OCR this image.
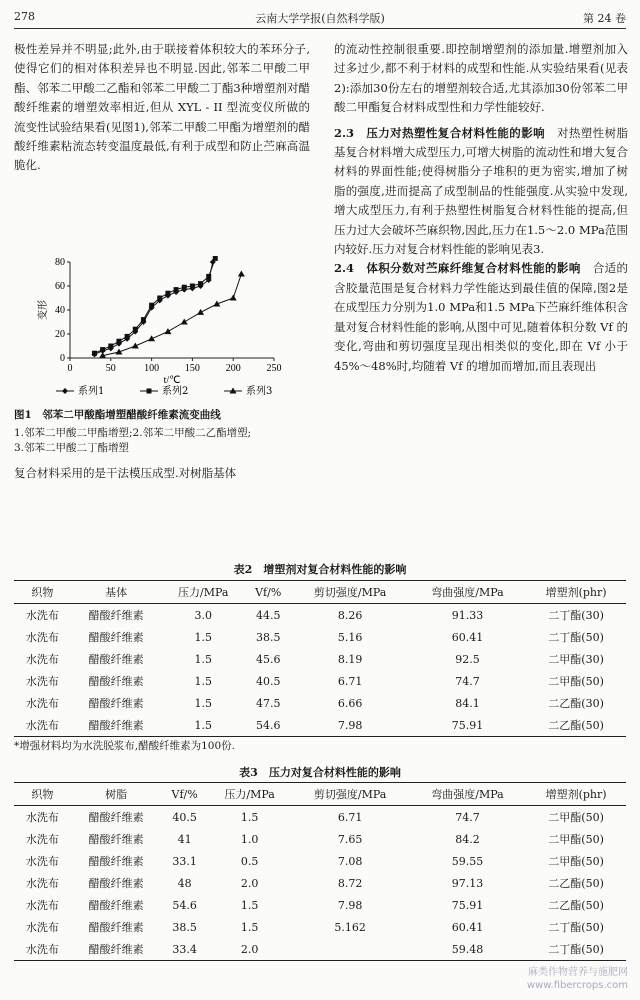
278	云南大学学报(自然科学版)	第 24 卷

极性差异并不明显;此外,由于联接着体积较大的苯环分子,使得它们的相对体积差异也不明显.因此,邻苯二甲酸二甲酯、邻苯二甲酸二乙酯和邻苯二甲酸二丁酯3种增塑剂对醋酸纤维素的增塑效率相近,但从 XYL - II 型流变仪所做的流变性试验结果看(见图1),邻苯二甲酸二甲酯为增塑剂的醋酸纤维素粘流态转变温度最低,有利于成型和防止苎麻高温脆化.

0	50	100	150	200	250
0
20
40
60
80
t/℃
变形
系列1	系列2	系列3
图1　邻苯二甲酸酯增塑醋酸纤维素流变曲线
1.邻苯二甲酸二甲酯增塑;2.邻苯二甲酸二乙酯增塑;
3.邻苯二甲酸二丁酯增塑
复合材料采用的是干法模压成型.对树脂基体

的流动性控制很重要.即控制增塑剂的添加量.增塑剂加入过多过少,都不利于材料的成型和性能.从实验结果看(见表2):添加30份左右的增塑剂较合适,尤其添加30份邻苯二甲酸二甲酯复合材料成型性和力学性能较好.

2.3　压力对热塑性复合材料性能的影响　 对热塑性树脂基复合材料增大成型压力,可增大树脂的流动性和增大复合材料的界面性能;使得树脂分子堆积的更为密实,增加了树脂的强度,进而提高了成型制品的性能强度.从实验中发现,增大成型压力,有利于热塑性树脂复合材料性能的提高,但压力过大会破坏苎麻织物,因此,压力在1.5～2.0 MPa范围内较好.压力对复合材料性能的影响见表3.

2.4　体积分数对苎麻纤维复合材料性能的影响　 合适的含胶量范围是复合材料力学性能达到最佳值的保障,图2是在成型压力分别为1.0 MPa和1.5 MPa下苎麻纤维体积含量对复合材料性能的影响,从图中可见,随着体积分数 Vf 的变化,弯曲和剪切强度呈现出相类似的变化,即在 Vf 小于45%～48%时,均随着 Vf 的增加而增加,而且表现出

表2　增塑剂对复合材料性能的影响
织物	基体	压力/MPa	Vf/%	剪切强度/MPa	弯曲强度/MPa	增塑剂(phr)
水洗布	醋酸纤维素	3.0	44.5	8.26	91.33	二丁酯(30)
水洗布	醋酸纤维素	1.5	38.5	5.16	60.41	二丁酯(50)
水洗布	醋酸纤维素	1.5	45.6	8.19	92.5	二甲酯(30)
水洗布	醋酸纤维素	1.5	40.5	6.71	74.7	二甲酯(50)
水洗布	醋酸纤维素	1.5	47.5	6.66	84.1	二乙酯(30)
水洗布	醋酸纤维素	1.5	54.6	7.98	75.91	二乙酯(50)
*增强材料均为水洗脱浆布,醋酸纤维素为100份.
表3　压力对复合材料性能的影响
织物	树脂	Vf/%	压力/MPa	剪切强度/MPa	弯曲强度/MPa	增塑剂(phr)
水洗布	醋酸纤维素	40.5	1.5	6.71	74.7	二甲酯(50)
水洗布	醋酸纤维素	41	1.0	7.65	84.2	二甲酯(50)
水洗布	醋酸纤维素	33.1	0.5	7.08	59.55	二甲酯(50)
水洗布	醋酸纤维素	48	2.0	8.72	97.13	二乙酯(50)
水洗布	醋酸纤维素	54.6	1.5	7.98	75.91	二乙酯(50)
水洗布	醋酸纤维素	38.5	1.5	5.162	60.41	二丁酯(50)
水洗布	醋酸纤维素	33.4	2.0		59.48	二丁酯(50)
麻类作物营养与施肥网
www.fibercrops.com
